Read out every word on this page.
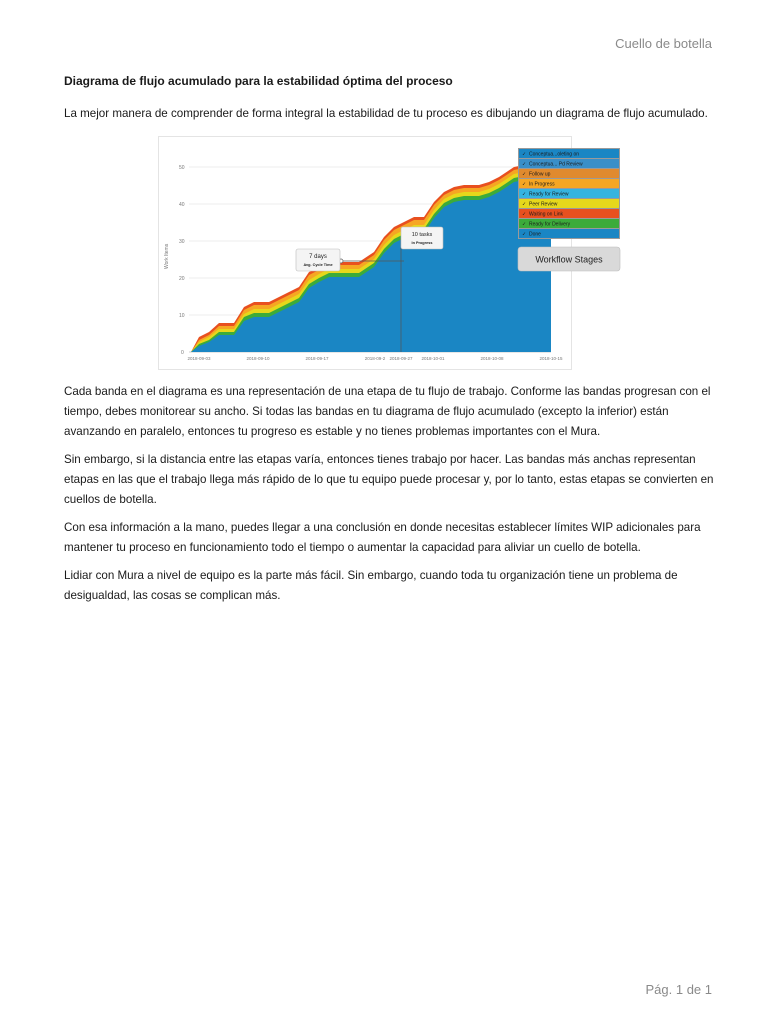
Cuello de botella
Diagrama de flujo acumulado para la estabilidad óptima del proceso

La mejor manera de comprender de forma integral la estabilidad de tu proceso es dibujando un diagrama de flujo acumulado.

50
40
30
20
10
0
Work Items	7 days
Avg. Cycle Time
10 tasks
In Progress
2018-09-03	2018-09-10	2018-09-17	2018-09-2 2018-09-27 2018-10-01	2018-10-08	2018-10-15
✓ Conceptua...oleting on
✓ Conceptua... Pd Review
✓ Follow up
✓ In Progress
✓ Ready for Review
✓ Peer Review
✓ Waiting on Link
✓ Ready for Delivery
✓ Done
Workflow Stages

Cada banda en el diagrama es una representación de una etapa de tu flujo de trabajo. Conforme las bandas progresan con el tiempo, debes monitorear su ancho. Si todas las bandas en tu diagrama de flujo acumulado (excepto la inferior) están avanzando en paralelo, entonces tu progreso es estable y no tienes problemas importantes con el Mura.

Sin embargo, si la distancia entre las etapas varía, entonces tienes trabajo por hacer. Las bandas más anchas representan etapas en las que el trabajo llega más rápido de lo que tu equipo puede procesar y, por lo tanto, estas etapas se convierten en cuellos de botella.

Con esa información a la mano, puedes llegar a una conclusión en donde necesitas establecer límites WIP adicionales para mantener tu proceso en funcionamiento todo el tiempo o aumentar la capacidad para aliviar un cuello de botella.

Lidiar con Mura a nivel de equipo es la parte más fácil. Sin embargo, cuando toda tu organización tiene un problema de desigualdad, las cosas se complican más.

Pág. 1 de 1
